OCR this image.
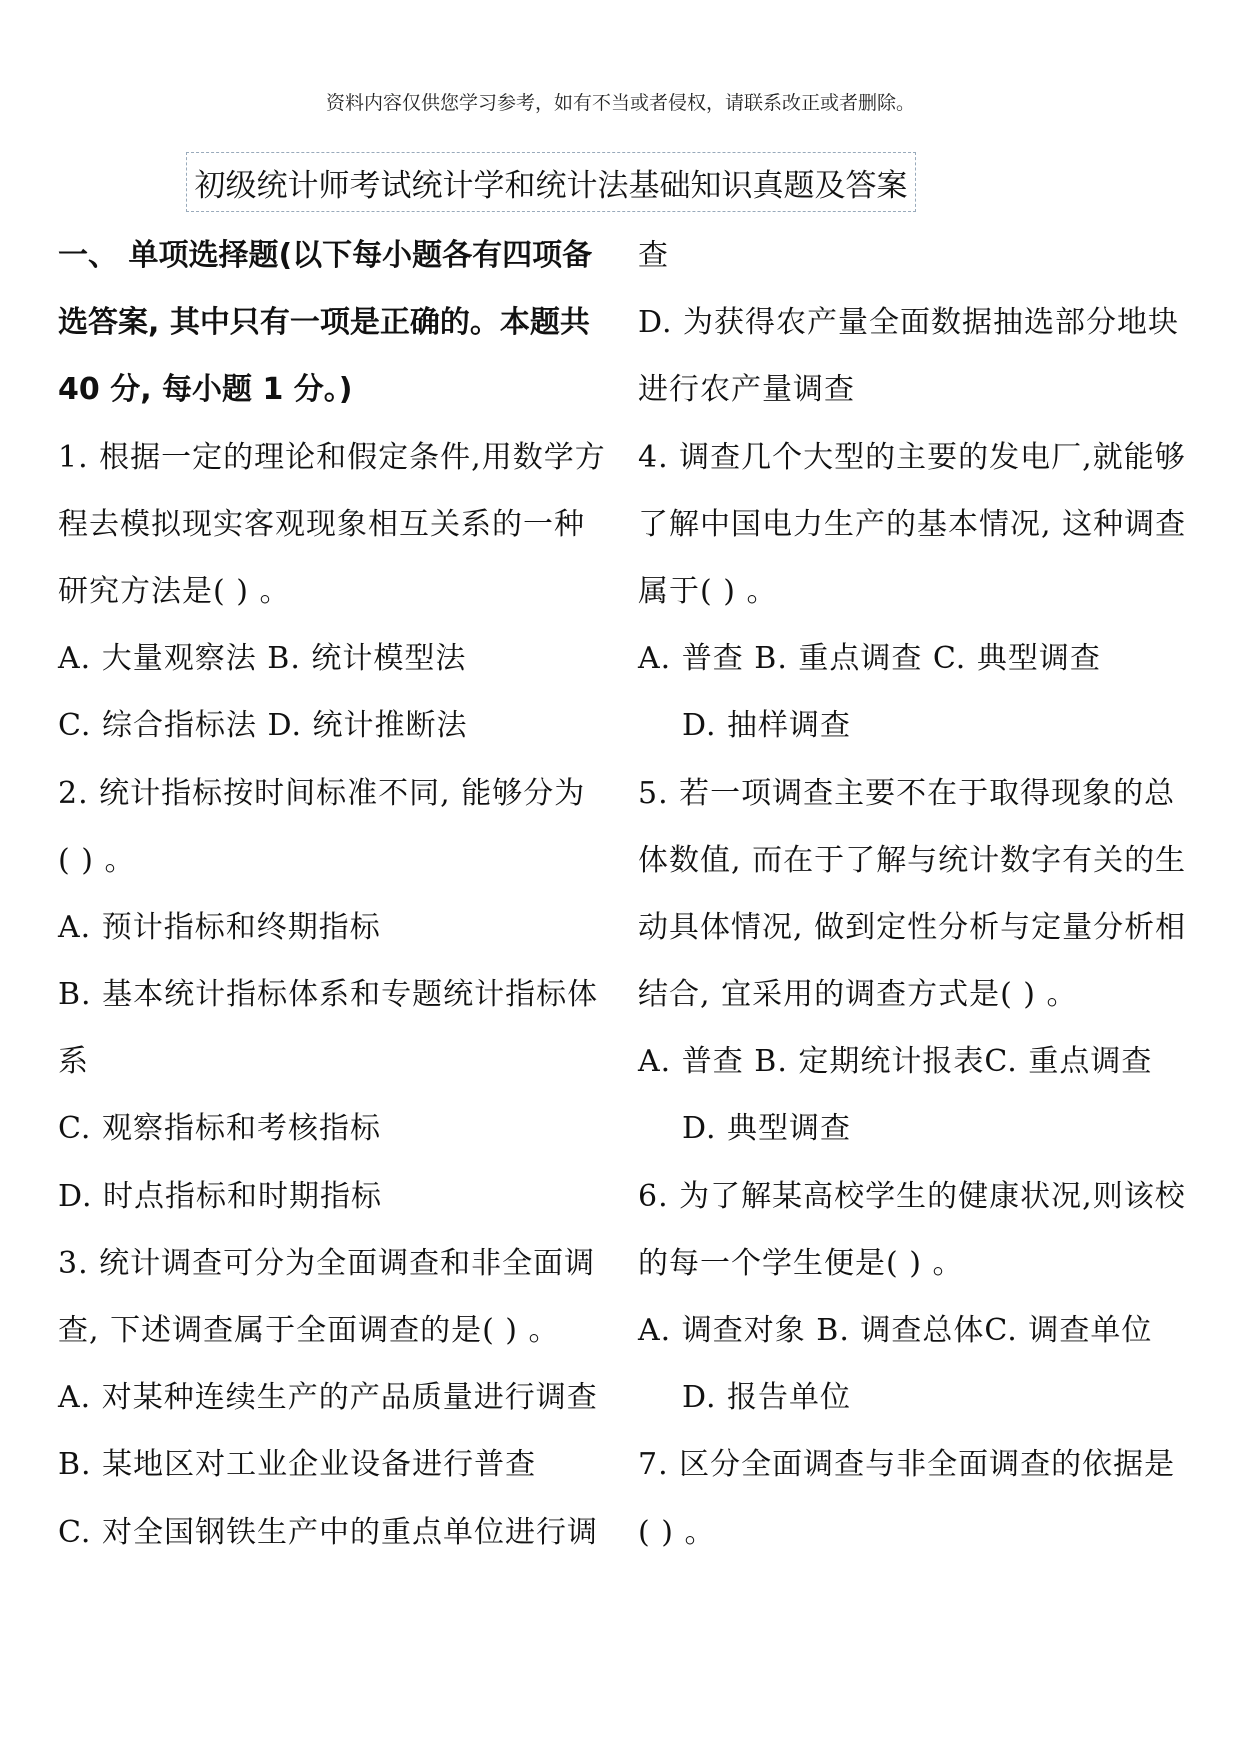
资料内容仅供您学习参考，如有不当或者侵权，请联系改正或者删除。
初级统计师考试统计学和统计法基础知识真题及答案
一、 单项选择题(以下每小题各有四项备
选答案, 其中只有一项是正确的。本题共
40 分, 每小题 1 分。)
1. 根据一定的理论和假定条件,用数学方
程去模拟现实客观现象相互关系的一种
研究方法是( ) 。
A. 大量观察法 B. 统计模型法
C. 综合指标法 D. 统计推断法
2. 统计指标按时间标准不同, 能够分为
( ) 。
A. 预计指标和终期指标
B. 基本统计指标体系和专题统计指标体
系
C. 观察指标和考核指标
D. 时点指标和时期指标
3. 统计调查可分为全面调查和非全面调
查, 下述调查属于全面调查的是( ) 。
A. 对某种连续生产的产品质量进行调查
B. 某地区对工业企业设备进行普查
C. 对全国钢铁生产中的重点单位进行调
查
D. 为获得农产量全面数据抽选部分地块
进行农产量调查
4. 调查几个大型的主要的发电厂,就能够
了解中国电力生产的基本情况, 这种调查
属于( ) 。
A. 普查 B. 重点调查 C. 典型调查
D. 抽样调查
5. 若一项调查主要不在于取得现象的总
体数值, 而在于了解与统计数字有关的生
动具体情况, 做到定性分析与定量分析相
结合, 宜采用的调查方式是( ) 。
A. 普查 B. 定期统计报表C. 重点调查
D. 典型调查
6. 为了解某高校学生的健康状况,则该校
的每一个学生便是( ) 。
A. 调查对象 B. 调查总体C. 调查单位
D. 报告单位
7. 区分全面调查与非全面调查的依据是
( ) 。
